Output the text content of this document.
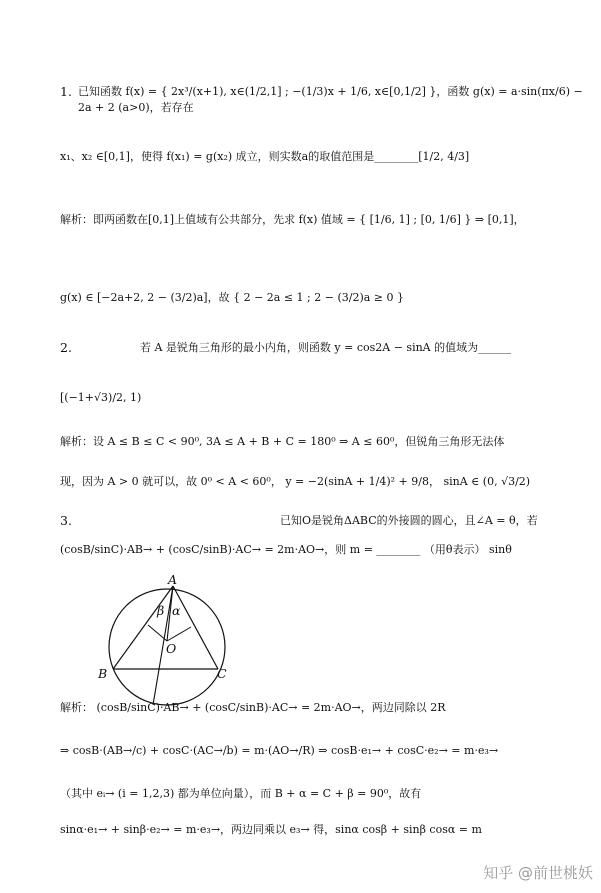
1. 已知函数 f(x) = { 2x³/(x+1), x∈(1/2,1] ; −(1/3)x + 1/6, x∈[0,1/2] }，函数 g(x) = a·sin(πx/6) − 2a + 2 (a>0)，若存在
x₁、x₂ ∈[0,1]，使得 f(x₁) = g(x₂) 成立，则实数a的取值范围是________[1/2, 4/3]
解析：即两函数在[0,1]上值域有公共部分，先求 f(x) 值域 = { [1/6, 1] ; [0, 1/6] } ⇒ [0,1]，
g(x) ∈ [−2a+2, 2 − (3/2)a]，故 { 2 − 2a ≤ 1 ; 2 − (3/2)a ≥ 0 }
2.	若 A 是锐角三角形的最小内角，则函数 y = cos2A − sinA 的值域为______
[(−1+√3)/2, 1)
解析：设 A ≤ B ≤ C < 90⁰, 3A ≤ A + B + C = 180⁰ ⇒ A ≤ 60⁰，但锐角三角形无法体
现，因为 A > 0 就可以，故 0⁰ < A < 60⁰， y = −2(sinA + 1/4)² + 9/8， sinA ∈ (0, √3/2)
3.	已知O是锐角ΔABC的外接圆的圆心，且∠A = θ，若
(cosB/sinC)·AB→ + (cosC/sinB)·AC→ = 2m·AO→，则 m = ________ （用θ表示） sinθ
A
B	C
O
β α
解析： (cosB/sinC)·AB→ + (cosC/sinB)·AC→ = 2m·AO→，两边同除以 2R
⇒ cosB·(AB→/c) + cosC·(AC→/b) = m·(AO→/R) ⇒ cosB·e₁→ + cosC·e₂→ = m·e₃→
（其中 eᵢ→ (i = 1,2,3) 都为单位向量），而 B + α = C + β = 90⁰，故有
sinα·e₁→ + sinβ·e₂→ = m·e₃→，两边同乘以 e₃→ 得，sinα cosβ + sinβ cosα = m
知乎 @前世桃妖
